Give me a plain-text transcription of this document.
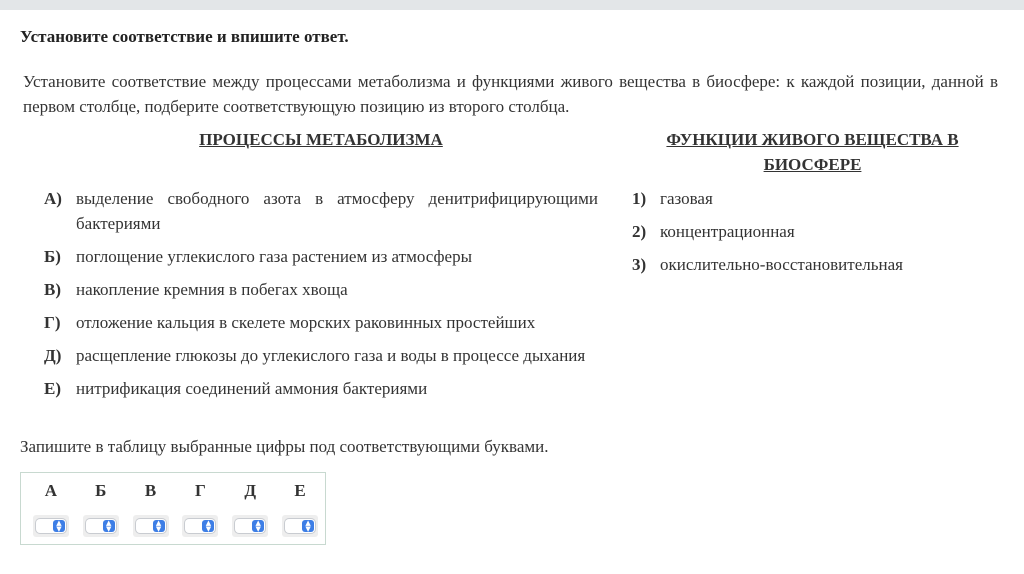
Установите соответствие и впишите ответ.
Установите соответствие между процессами метаболизма и функциями живого вещества в биосфере: к каждой позиции, данной в первом столбце, подберите соответствующую позицию из второго столбца.
ПРОЦЕССЫ МЕТАБОЛИЗМА	ФУНКЦИИ ЖИВОГО ВЕЩЕСТВА В БИОСФЕРЕ
А) выделение свободного азота в атмосферу денитрифицирующими бактериями
Б) поглощение углекислого газа растением из атмосферы
В) накопление кремния в побегах хвоща
Г) отложение кальция в скелете морских раковинных простейших
Д) расщепление глюкозы до углекислого газа и воды в процессе дыхания
Е) нитрификация соединений аммония бактериями
1) газовая
2) концентрационная
3) окислительно-восстановительная
Запишите в таблицу выбранные цифры под соответствующими буквами.
А	Б	В	Г	Д	Е
▲
▼
▲
▼
▲
▼
▲
▼
▲
▼
▲
▼
